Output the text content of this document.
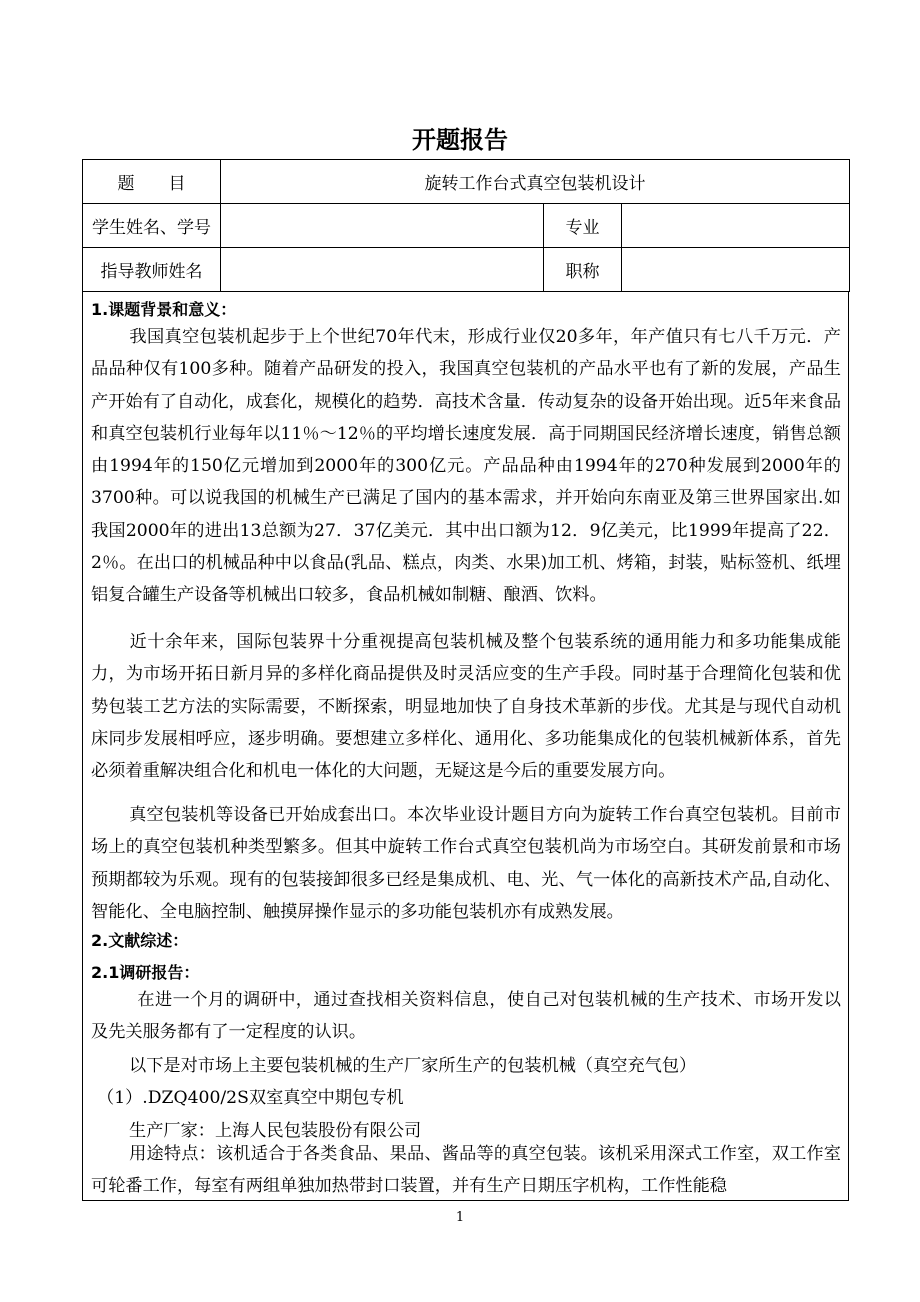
开题报告
题　　目	旋转工作台式真空包装机设计		
学生姓名、学号		专业	
指导教师姓名		职称	
1.课题背景和意义：
我国真空包装机起步于上个世纪70年代末，形成行业仅20多年，年产值只有七八千万元．产品品种仅有100多种。随着产品研发的投入，我国真空包装机的产品水平也有了新的发展，产品生产开始有了自动化，成套化，规模化的趋势．高技术含量．传动复杂的设备开始出现。近5年来食品和真空包装机行业每年以11％～12％的平均增长速度发展．高于同期国民经济增长速度，销售总额由1994年的150亿元增加到2000年的300亿元。产品品种由1994年的270种发展到2000年的3700种。可以说我国的机械生产已满足了国内的基本需求，并开始向东南亚及第三世界国家出.如我国2000年的进出13总额为27．37亿美元．其中出口额为12．9亿美元，比1999年提高了22．2％。在出口的机械品种中以食品(乳品、糕点，肉类、水果)加工机、烤箱，封装，贴标签机、纸埋铝复合罐生产设备等机械出口较多，食品机械如制糖、酿酒、饮料。
近十余年来，国际包装界十分重视提高包装机械及整个包装系统的通用能力和多功能集成能力，为市场开拓日新月异的多样化商品提供及时灵活应变的生产手段。同时基于合理简化包装和优势包装工艺方法的实际需要，不断探索，明显地加快了自身技术革新的步伐。尤其是与现代自动机床同步发展相呼应，逐步明确。要想建立多样化、通用化、多功能集成化的包装机械新体系，首先必须着重解决组合化和机电一体化的大问题，无疑这是今后的重要发展方向。
真空包装机等设备已开始成套出口。本次毕业设计题目方向为旋转工作台真空包装机。目前市场上的真空包装机种类型繁多。但其中旋转工作台式真空包装机尚为市场空白。其研发前景和市场预期都较为乐观。现有的包装接卸很多已经是集成机、电、光、气一体化的高新技术产品,自动化、智能化、全电脑控制、触摸屏操作显示的多功能包装机亦有成熟发展。
2.文献综述：
2.1调研报告：
在进一个月的调研中，通过查找相关资料信息，使自己对包装机械的生产技术、市场开发以及先关服务都有了一定程度的认识。
以下是对市场上主要包装机械的生产厂家所生产的包装机械（真空充气包）
（1）.DZQ400/2S双室真空中期包专机
生产厂家：上海人民包装股份有限公司
用途特点：该机适合于各类食品、果品、酱品等的真空包装。该机采用深式工作室，双工作室可轮番工作，每室有两组单独加热带封口装置，并有生产日期压字机构，工作性能稳
1
